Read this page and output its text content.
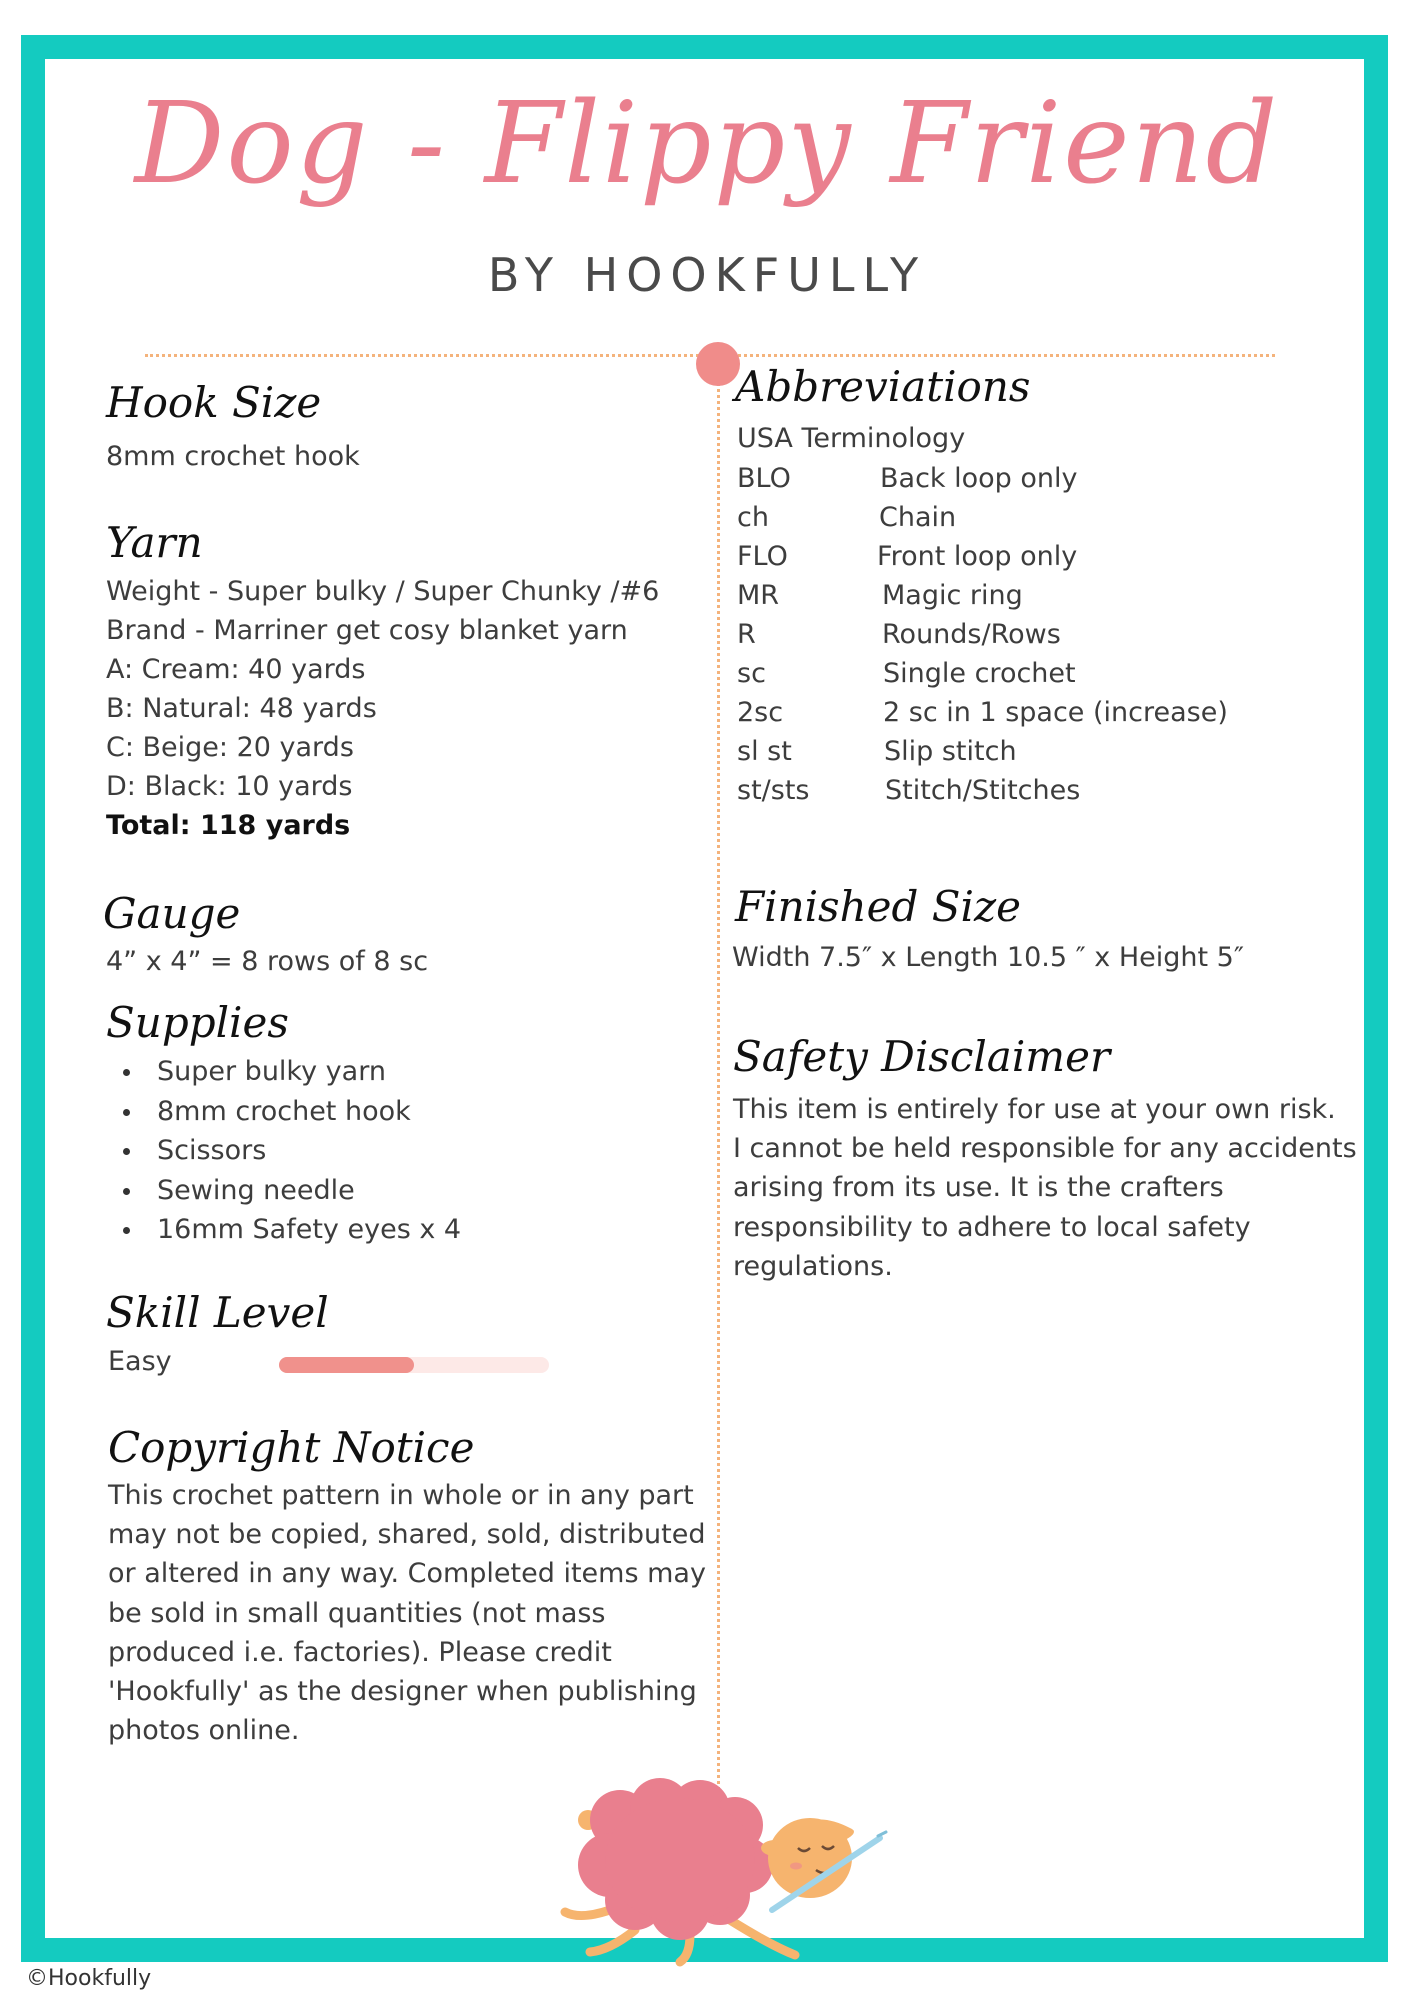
Dog - Flippy Friend
BY HOOKFULLY
Hook Size
8mm crochet hook
Yarn
Weight - Super bulky / Super Chunky /#6
Brand - Marriner get cosy blanket yarn
A: Cream: 40 yards
B: Natural: 48 yards
C: Beige: 20 yards
D: Black: 10 yards
Total: 118 yards
Gauge
4” x 4” = 8 rows of 8 sc
Supplies
Super bulky yarn
8mm crochet hook
Scissors
Sewing needle
16mm Safety eyes x 4
Skill Level
Easy
Copyright Notice
This crochet pattern in whole or in any part
may not be copied, shared, sold, distributed
or altered in any way. Completed items may
be sold in small quantities (not mass
produced i.e. factories). Please credit
'Hookfully' as the designer when publishing
photos online.
Abbreviations
USA Terminology
BLO	Back loop only
ch	Chain
FLO	Front loop only
MR	Magic ring
R	Rounds/Rows
sc	Single crochet
2sc	2 sc in 1 space (increase)
sl st	Slip stitch
st/sts	Stitch/Stitches
Finished Size
Width 7.5″ x Length 10.5 ″ x Height 5″
Safety Disclaimer
This item is entirely for use at your own risk.
I cannot be held responsible for any accidents
arising from its use. It is the crafters
responsibility to adhere to local safety
regulations.
©Hookfully
